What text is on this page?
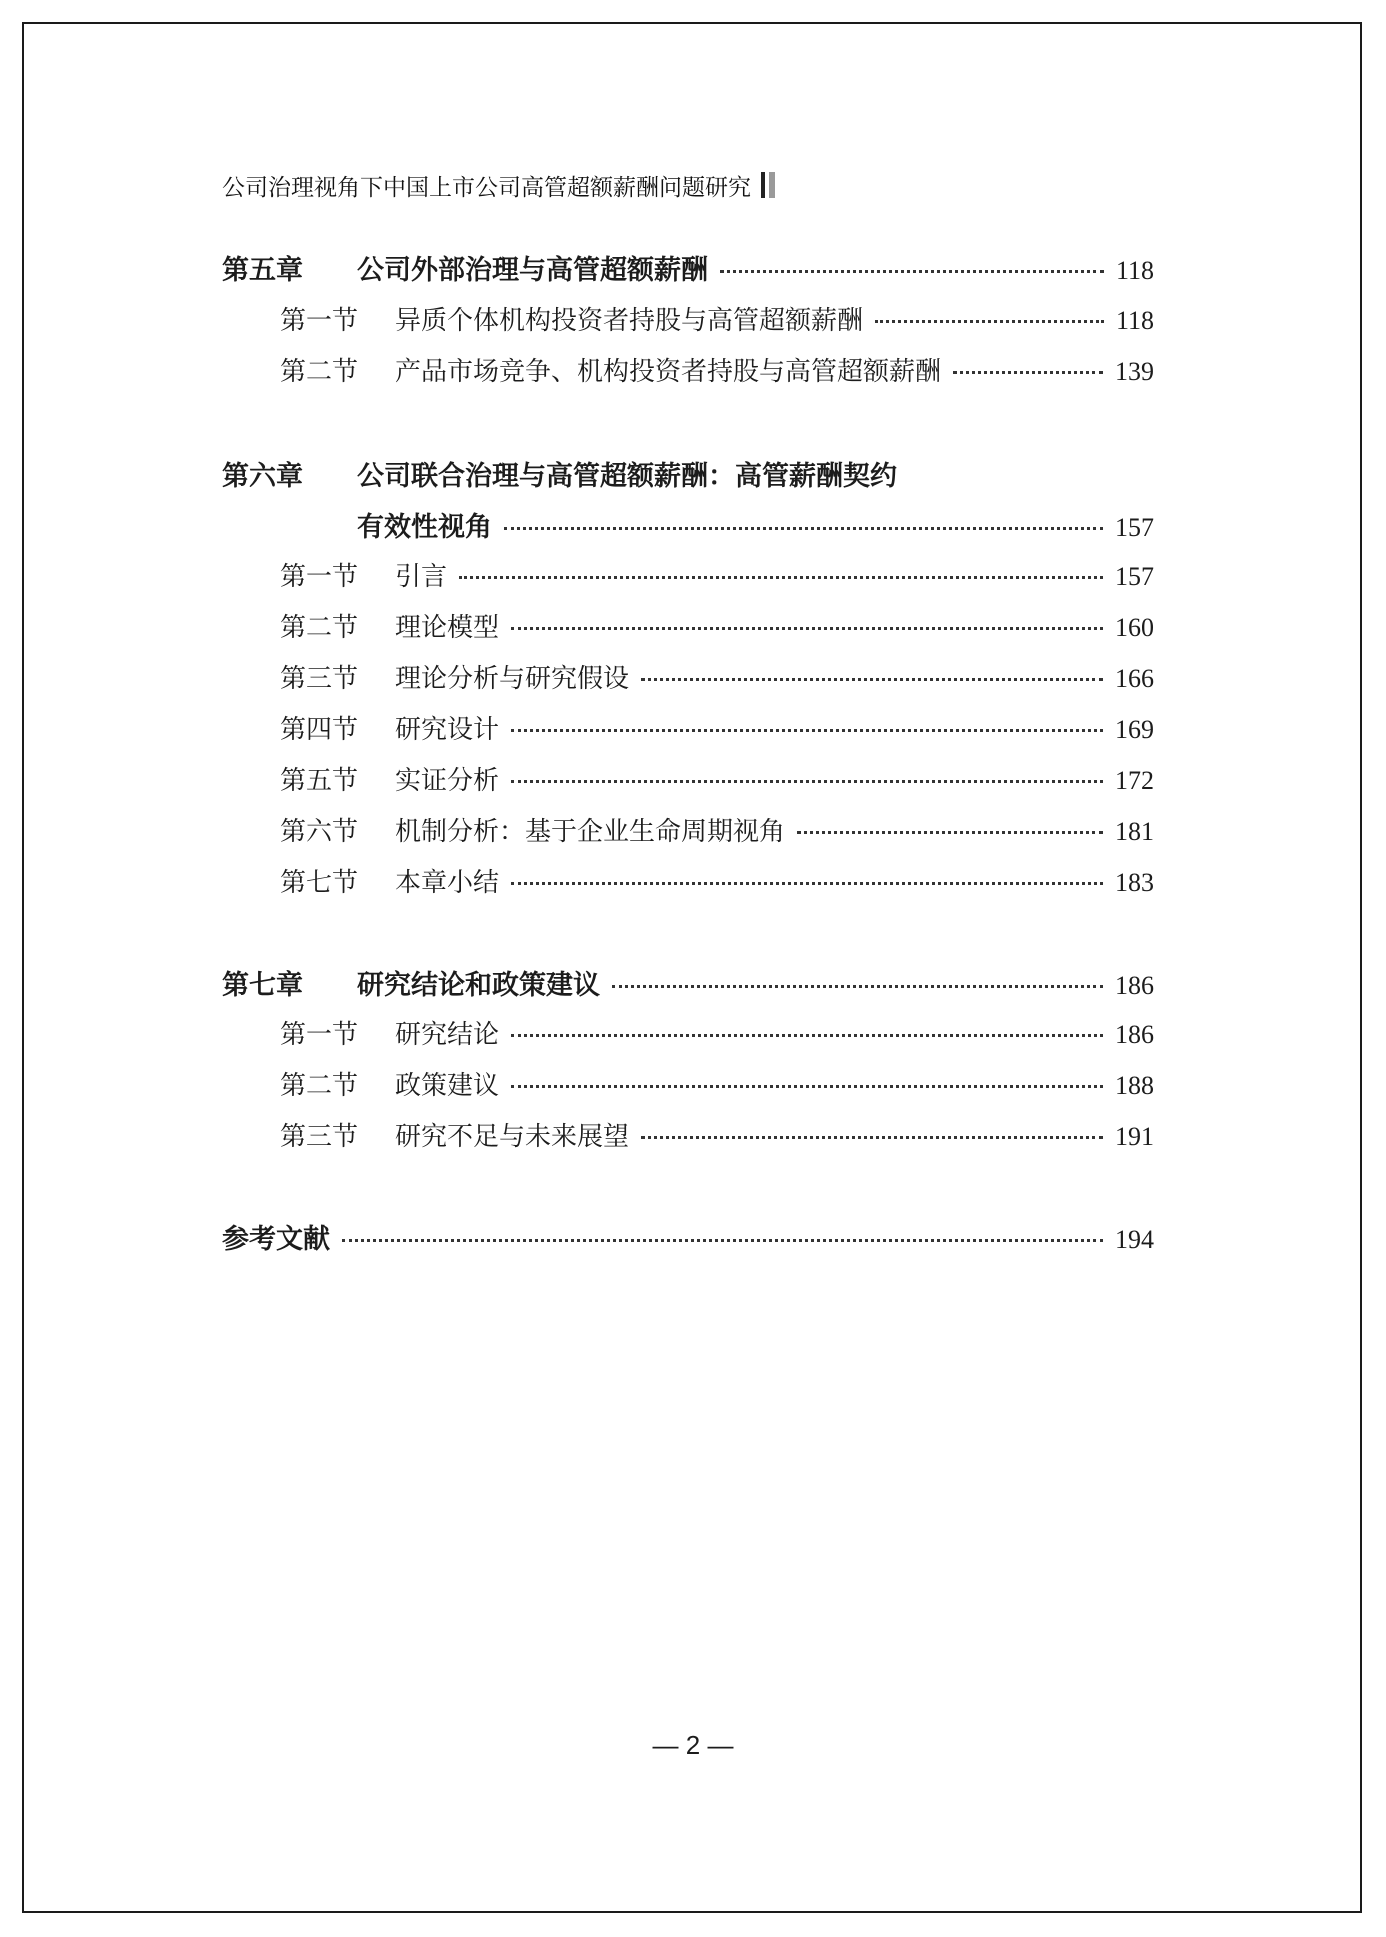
公司治理视角下中国上市公司高管超额薪酬问题研究
第五章	公司外部治理与高管超额薪酬	118
第一节	异质个体机构投资者持股与高管超额薪酬	118
第二节	产品市场竞争、机构投资者持股与高管超额薪酬	139
第六章	公司联合治理与高管超额薪酬：高管薪酬契约
有效性视角	157
第一节	引言	157
第二节	理论模型	160
第三节	理论分析与研究假设	166
第四节	研究设计	169
第五节	实证分析	172
第六节	机制分析：基于企业生命周期视角	181
第七节	本章小结	183
第七章	研究结论和政策建议	186
第一节	研究结论	186
第二节	政策建议	188
第三节	研究不足与未来展望	191
参考文献	194
— 2 —
